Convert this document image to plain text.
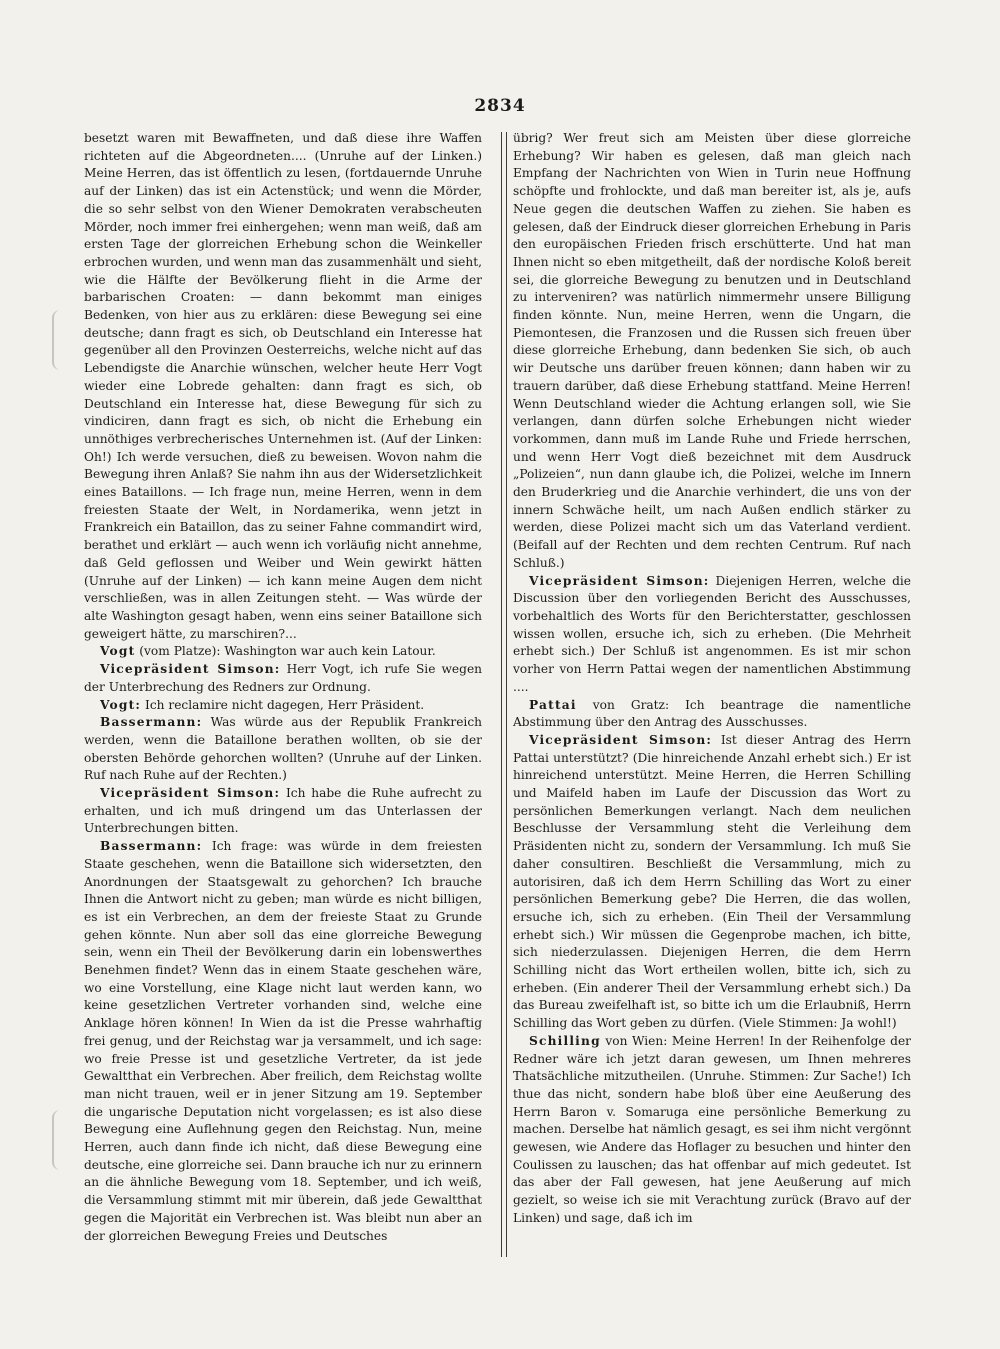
2834

besetzt waren mit Bewaffneten, und daß diese ihre Waffen richteten auf die Abgeordneten.... (Unruhe auf der Linken.) Meine Herren, das ist öffentlich zu lesen, (fortdauernde Unruhe auf der Linken) das ist ein Actenstück; und wenn die Mörder, die so sehr selbst von den Wiener Demokraten verabscheuten Mörder, noch immer frei einhergehen; wenn man weiß, daß am ersten Tage der glorreichen Erhebung schon die Weinkeller erbrochen wurden, und wenn man das zusammenhält und sieht, wie die Hälfte der Bevölkerung flieht in die Arme der barbarischen Croaten: — dann bekommt man einiges Bedenken, von hier aus zu erklären: diese Bewegung sei eine deutsche; dann fragt es sich, ob Deutschland ein Interesse hat gegenüber all den Provinzen Oesterreichs, welche nicht auf das Lebendigste die Anarchie wünschen, welcher heute Herr Vogt wieder eine Lobrede gehalten: dann fragt es sich, ob Deutschland ein Interesse hat, diese Bewegung für sich zu vindiciren, dann fragt es sich, ob nicht die Erhebung ein unnöthiges verbrecherisches Unternehmen ist. (Auf der Linken: Oh!) Ich werde versuchen, dieß zu beweisen. Wovon nahm die Bewegung ihren Anlaß? Sie nahm ihn aus der Widersetzlichkeit eines Bataillons. — Ich frage nun, meine Herren, wenn in dem freiesten Staate der Welt, in Nordamerika, wenn jetzt in Frankreich ein Bataillon, das zu seiner Fahne commandirt wird, berathet und erklärt — auch wenn ich vorläufig nicht annehme, daß Geld geflossen und Weiber und Wein gewirkt hätten (Unruhe auf der Linken) — ich kann meine Augen dem nicht verschließen, was in allen Zeitungen steht. — Was würde der alte Washington gesagt haben, wenn eins seiner Bataillone sich geweigert hätte, zu marschiren?...

Vogt (vom Platze): Washington war auch kein Latour.

Vicepräsident Simson: Herr Vogt, ich rufe Sie wegen der Unterbrechung des Redners zur Ordnung.

Vogt: Ich reclamire nicht dagegen, Herr Präsident.

Bassermann: Was würde aus der Republik Frankreich werden, wenn die Bataillone berathen wollten, ob sie der obersten Behörde gehorchen wollten? (Unruhe auf der Linken. Ruf nach Ruhe auf der Rechten.)

Vicepräsident Simson: Ich habe die Ruhe aufrecht zu erhalten, und ich muß dringend um das Unterlassen der Unterbrechungen bitten.

Bassermann: Ich frage: was würde in dem freiesten Staate geschehen, wenn die Bataillone sich widersetzten, den Anordnungen der Staatsgewalt zu gehorchen? Ich brauche Ihnen die Antwort nicht zu geben; man würde es nicht billigen, es ist ein Verbrechen, an dem der freieste Staat zu Grunde gehen könnte. Nun aber soll das eine glorreiche Bewegung sein, wenn ein Theil der Bevölkerung darin ein lobenswerthes Benehmen findet? Wenn das in einem Staate geschehen wäre, wo eine Vorstellung, eine Klage nicht laut werden kann, wo keine gesetzlichen Vertreter vorhanden sind, welche eine Anklage hören können! In Wien da ist die Presse wahrhaftig frei genug, und der Reichstag war ja versammelt, und ich sage: wo freie Presse ist und gesetzliche Vertreter, da ist jede Gewaltthat ein Verbrechen. Aber freilich, dem Reichstag wollte man nicht trauen, weil er in jener Sitzung am 19. September die ungarische Deputation nicht vorgelassen; es ist also diese Bewegung eine Auflehnung gegen den Reichstag. Nun, meine Herren, auch dann finde ich nicht, daß diese Bewegung eine deutsche, eine glorreiche sei. Dann brauche ich nur zu erinnern an die ähnliche Bewegung vom 18. September, und ich weiß, die Versammlung stimmt mit mir überein, daß jede Gewaltthat gegen die Majorität ein Verbrechen ist. Was bleibt nun aber an der glorreichen Bewegung Freies und Deutsches

übrig? Wer freut sich am Meisten über diese glorreiche Erhebung? Wir haben es gelesen, daß man gleich nach Empfang der Nachrichten von Wien in Turin neue Hoffnung schöpfte und frohlockte, und daß man bereiter ist, als je, aufs Neue gegen die deutschen Waffen zu ziehen. Sie haben es gelesen, daß der Eindruck dieser glorreichen Erhebung in Paris den europäischen Frieden frisch erschütterte. Und hat man Ihnen nicht so eben mitgetheilt, daß der nordische Koloß bereit sei, die glorreiche Bewegung zu benutzen und in Deutschland zu interveniren? was natürlich nimmermehr unsere Billigung finden könnte. Nun, meine Herren, wenn die Ungarn, die Piemontesen, die Franzosen und die Russen sich freuen über diese glorreiche Erhebung, dann bedenken Sie sich, ob auch wir Deutsche uns darüber freuen können; dann haben wir zu trauern darüber, daß diese Erhebung stattfand. Meine Herren! Wenn Deutschland wieder die Achtung erlangen soll, wie Sie verlangen, dann dürfen solche Erhebungen nicht wieder vorkommen, dann muß im Lande Ruhe und Friede herrschen, und wenn Herr Vogt dieß bezeichnet mit dem Ausdruck „Polizeien“, nun dann glaube ich, die Polizei, welche im Innern den Bruderkrieg und die Anarchie verhindert, die uns von der innern Schwäche heilt, um nach Außen endlich stärker zu werden, diese Polizei macht sich um das Vaterland verdient. (Beifall auf der Rechten und dem rechten Centrum. Ruf nach Schluß.)

Vicepräsident Simson: Diejenigen Herren, welche die Discussion über den vorliegenden Bericht des Ausschusses, vorbehaltlich des Worts für den Berichterstatter, geschlossen wissen wollen, ersuche ich, sich zu erheben. (Die Mehrheit erhebt sich.) Der Schluß ist angenommen. Es ist mir schon vorher von Herrn Pattai wegen der namentlichen Abstimmung ....

Pattai von Gratz: Ich beantrage die namentliche Abstimmung über den Antrag des Ausschusses.

Vicepräsident Simson: Ist dieser Antrag des Herrn Pattai unterstützt? (Die hinreichende Anzahl erhebt sich.) Er ist hinreichend unterstützt. Meine Herren, die Herren Schilling und Maifeld haben im Laufe der Discussion das Wort zu persönlichen Bemerkungen verlangt. Nach dem neulichen Beschlusse der Versammlung steht die Verleihung dem Präsidenten nicht zu, sondern der Versammlung. Ich muß Sie daher consultiren. Beschließt die Versammlung, mich zu autorisiren, daß ich dem Herrn Schilling das Wort zu einer persönlichen Bemerkung gebe? Die Herren, die das wollen, ersuche ich, sich zu erheben. (Ein Theil der Versammlung erhebt sich.) Wir müssen die Gegenprobe machen, ich bitte, sich niederzulassen. Diejenigen Herren, die dem Herrn Schilling nicht das Wort ertheilen wollen, bitte ich, sich zu erheben. (Ein anderer Theil der Versammlung erhebt sich.) Da das Bureau zweifelhaft ist, so bitte ich um die Erlaubniß, Herrn Schilling das Wort geben zu dürfen. (Viele Stimmen: Ja wohl!)

Schilling von Wien: Meine Herren! In der Reihenfolge der Redner wäre ich jetzt daran gewesen, um Ihnen mehreres Thatsächliche mitzutheilen. (Unruhe. Stimmen: Zur Sache!) Ich thue das nicht, sondern habe bloß über eine Aeußerung des Herrn Baron v. Somaruga eine persönliche Bemerkung zu machen. Derselbe hat nämlich gesagt, es sei ihm nicht vergönnt gewesen, wie Andere das Hoflager zu besuchen und hinter den Coulissen zu lauschen; das hat offenbar auf mich gedeutet. Ist das aber der Fall gewesen, hat jene Aeußerung auf mich gezielt, so weise ich sie mit Verachtung zurück (Bravo auf der Linken) und sage, daß ich im
